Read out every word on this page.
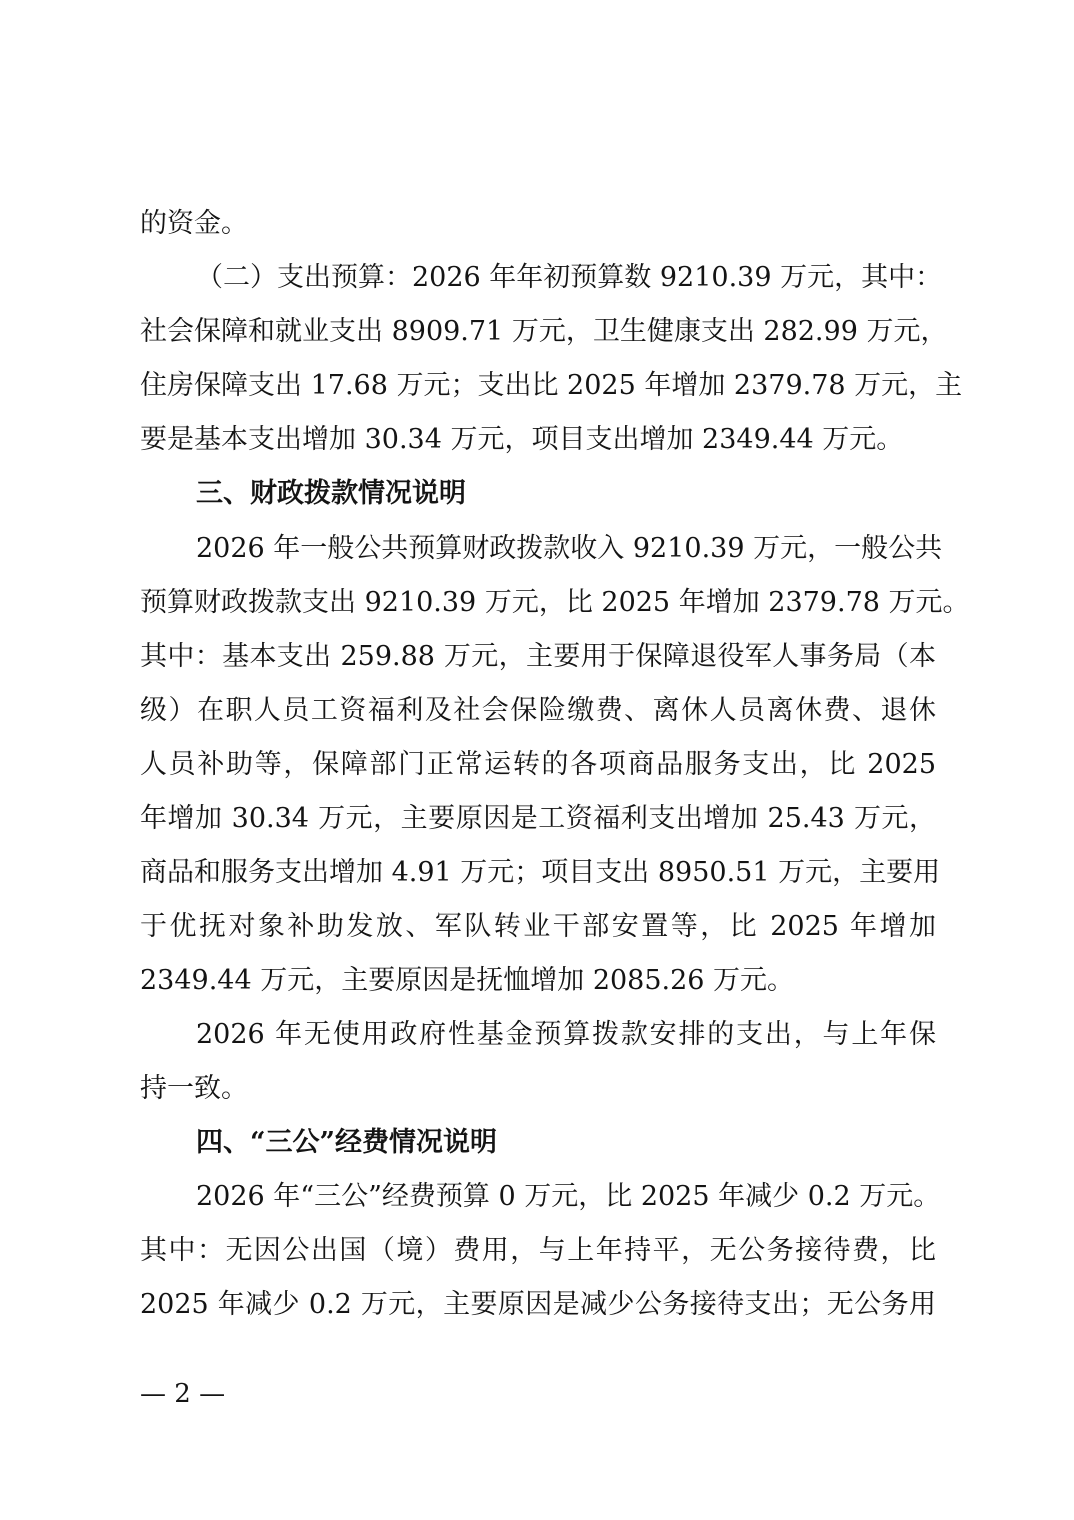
的资金。
（二）支出预算：2026 年年初预算数 9210.39 万元，其中：
社会保障和就业支出 8909.71 万元，卫生健康支出 282.99 万元，
住房保障支出 17.68 万元；支出比 2025 年增加 2379.78 万元，主
要是基本支出增加 30.34 万元，项目支出增加 2349.44 万元。
三、财政拨款情况说明
2026 年一般公共预算财政拨款收入 9210.39 万元，一般公共
预算财政拨款支出 9210.39 万元，比 2025 年增加 2379.78 万元。
其中：基本支出 259.88 万元，主要用于保障退役军人事务局（本
级）在职人员工资福利及社会保险缴费、离休人员离休费、退休
人员补助等，保障部门正常运转的各项商品服务支出，比 2025
年增加 30.34 万元，主要原因是工资福利支出增加 25.43 万元，
商品和服务支出增加 4.91 万元；项目支出 8950.51 万元，主要用
于优抚对象补助发放、军队转业干部安置等，比 2025 年增加
2349.44 万元，主要原因是抚恤增加 2085.26 万元。
2026 年无使用政府性基金预算拨款安排的支出，与上年保
持一致。
四、“三公”经费情况说明
2026 年“三公”经费预算 0 万元，比 2025 年减少 0.2 万元。
其中：无因公出国（境）费用，与上年持平，无公务接待费，比
2025 年减少 0.2 万元，主要原因是减少公务接待支出；无公务用
— 2 —
